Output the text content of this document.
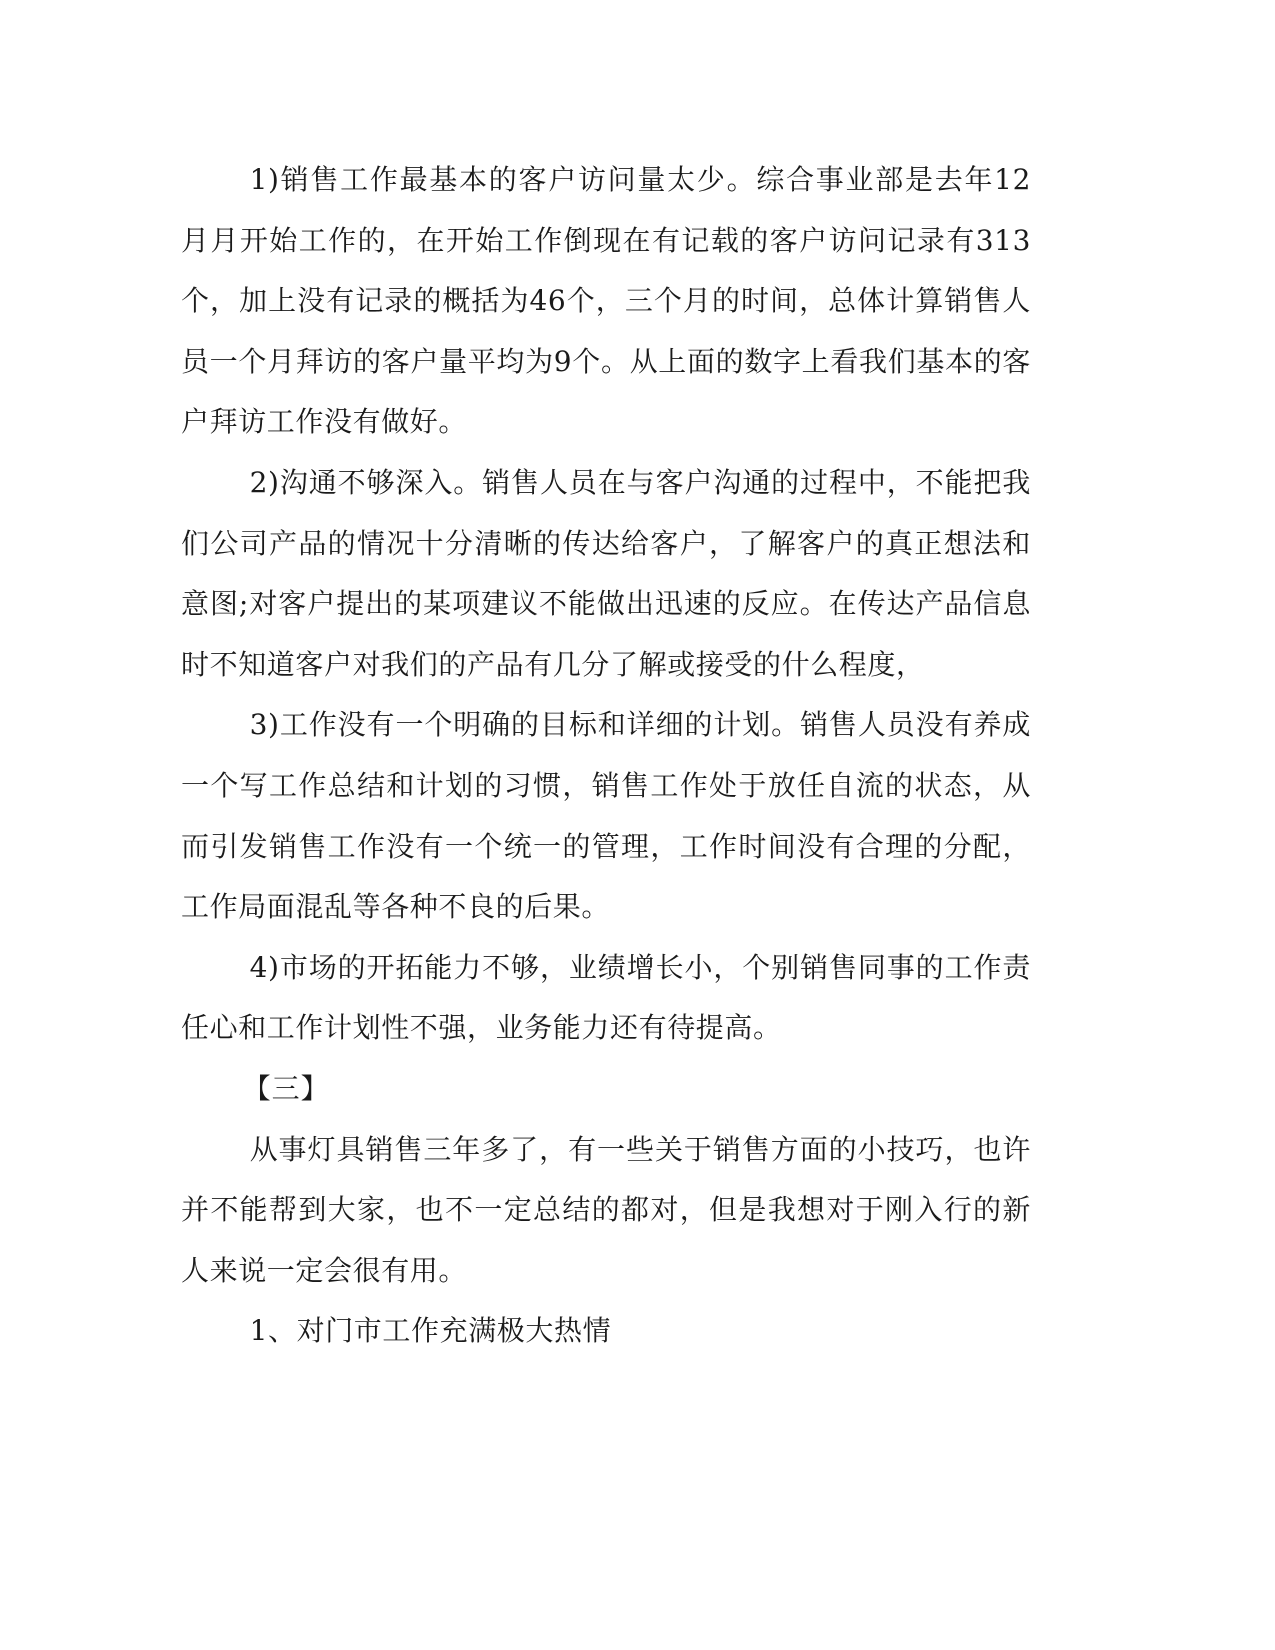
1)销售工作最基本的客户访问量太少。综合事业部是去年12月月开始工作的，在开始工作倒现在有记载的客户访问记录有313个，加上没有记录的概括为46个，三个月的时间，总体计算销售人员一个月拜访的客户量平均为9个。从上面的数字上看我们基本的客户拜访工作没有做好。

2)沟通不够深入。销售人员在与客户沟通的过程中，不能把我们公司产品的情况十分清晰的传达给客户，了解客户的真正想法和意图;对客户提出的某项建议不能做出迅速的反应。在传达产品信息时不知道客户对我们的产品有几分了解或接受的什么程度，

3)工作没有一个明确的目标和详细的计划。销售人员没有养成一个写工作总结和计划的习惯，销售工作处于放任自流的状态，从而引发销售工作没有一个统一的管理，工作时间没有合理的分配，工作局面混乱等各种不良的后果。

4)市场的开拓能力不够，业绩增长小，个别销售同事的工作责任心和工作计划性不强，业务能力还有待提高。

【三】

从事灯具销售三年多了，有一些关于销售方面的小技巧，也许并不能帮到大家，也不一定总结的都对，但是我想对于刚入行的新人来说一定会很有用。

1、对门市工作充满极大热情
